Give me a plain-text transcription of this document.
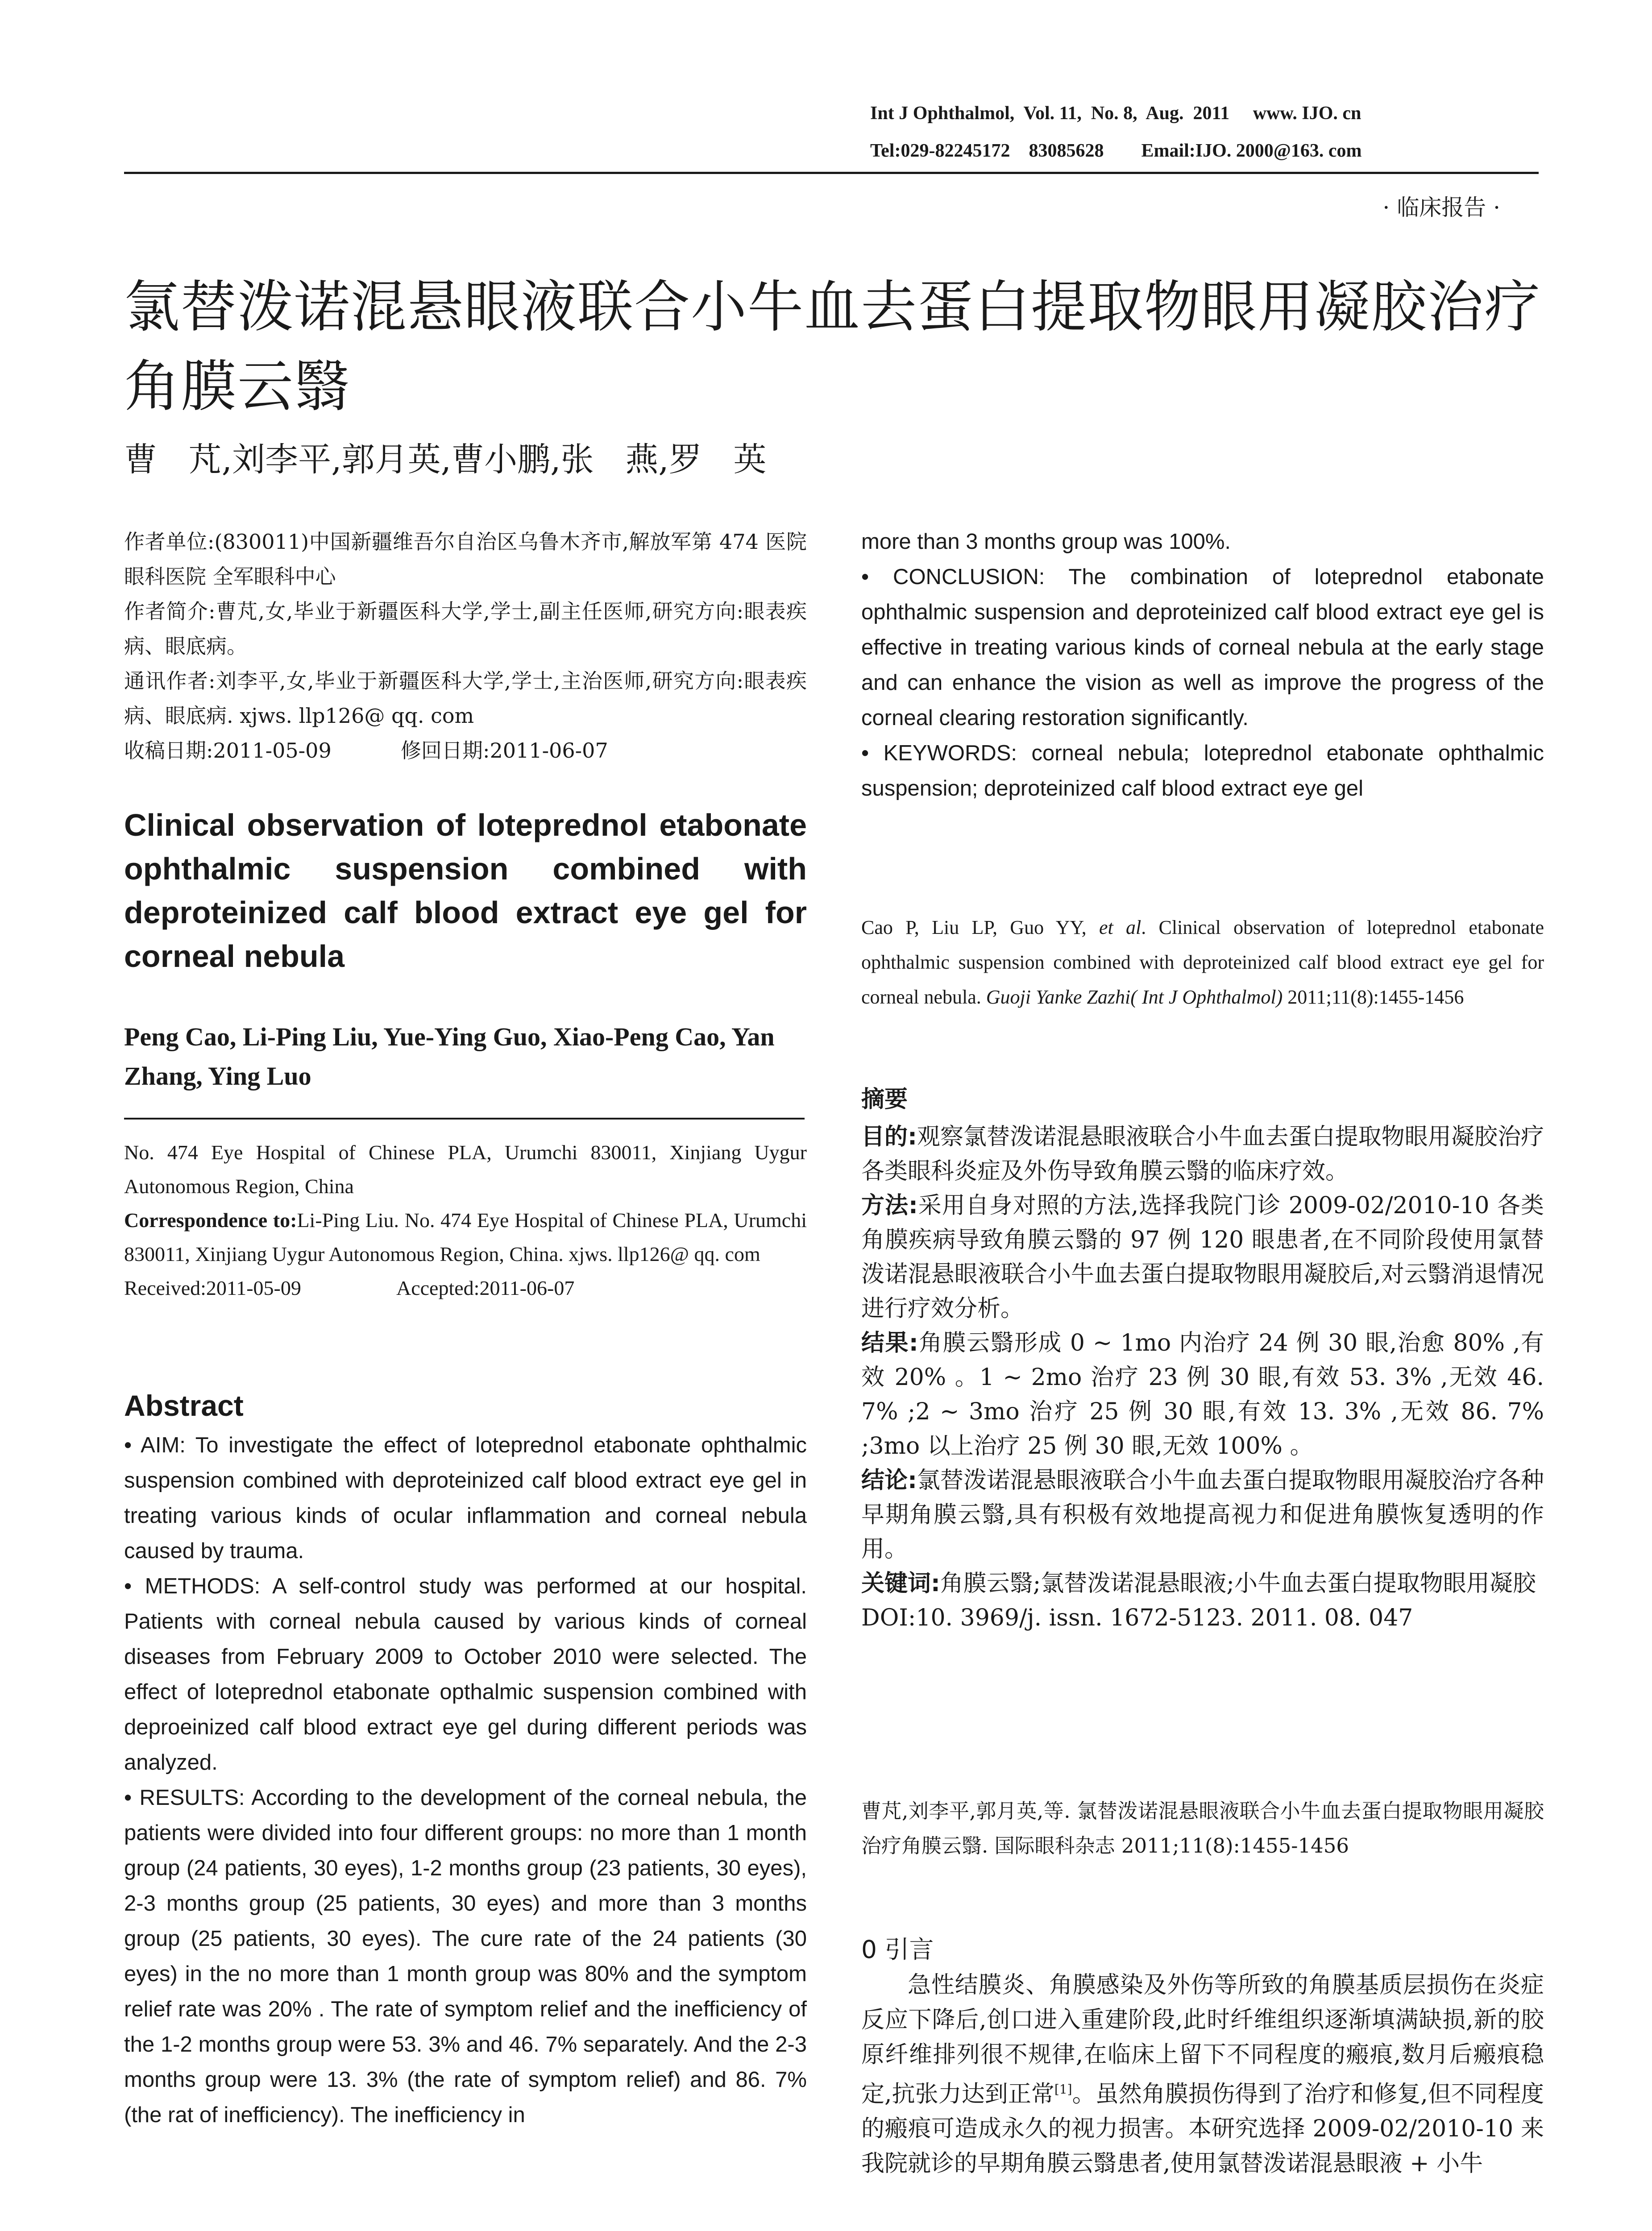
Int J Ophthalmol,  Vol. 11,  No. 8,  Aug.  2011     www. IJO. cn
Tel:029-82245172    83085628        Email:IJO. 2000@163. com
· 临床报告 ·
氯替泼诺混悬眼液联合小牛血去蛋白提取物眼用凝胶治疗角膜云翳
曹   芃,刘李平,郭月英,曹小鹏,张   燕,罗   英

作者单位:(830011)中国新疆维吾尔自治区乌鲁木齐市,解放军第 474 医院眼科医院 全军眼科中心

作者简介:曹芃,女,毕业于新疆医科大学,学士,副主任医师,研究方向:眼表疾病、眼底病。

通讯作者:刘李平,女,毕业于新疆医科大学,学士,主治医师,研究方向:眼表疾病、眼底病. xjws. llp126@ qq. com

收稿日期:2011-05-09	修回日期:2011-06-07

Clinical observation of loteprednol etabonate ophthalmic suspension combined with deproteinized calf blood extract eye gel for corneal nebula
Peng Cao, Li-Ping Liu, Yue-Ying Guo, Xiao-Peng Cao, Yan Zhang, Ying Luo

No. 474 Eye Hospital of Chinese PLA, Urumchi 830011, Xinjiang Uygur Autonomous Region, China

Correspondence to:Li-Ping Liu. No. 474 Eye Hospital of Chinese PLA, Urumchi 830011, Xinjiang Uygur Autonomous Region, China. xjws. llp126@ qq. com

Received:2011-05-09	Accepted:2011-06-07

Abstract

• AIM: To investigate the effect of loteprednol etabonate ophthalmic suspension combined with deproteinized calf blood extract eye gel in treating various kinds of ocular inflammation and corneal nebula caused by trauma.

• METHODS: A self-control study was performed at our hospital. Patients with corneal nebula caused by various kinds of corneal diseases from February 2009 to October 2010 were selected. The effect of loteprednol etabonate opthalmic suspension combined with deproeinized calf blood extract eye gel during different periods was analyzed.

• RESULTS: According to the development of the corneal nebula, the patients were divided into four different groups: no more than 1 month group (24 patients, 30 eyes), 1-2 months group (23 patients, 30 eyes), 2-3 months group (25 patients, 30 eyes) and more than 3 months group (25 patients, 30 eyes). The cure rate of the 24 patients (30 eyes) in the no more than 1 month group was 80% and the symptom relief rate was 20% . The rate of symptom relief and the inefficiency of the 1-2 months group were 53. 3% and 46. 7% separately. And the 2-3 months group were 13. 3% (the rate of symptom relief) and 86. 7% (the rat of inefficiency). The inefficiency in

more than 3 months group was 100%.

• CONCLUSION: The combination of loteprednol etabonate ophthalmic suspension and deproteinized calf blood extract eye gel is effective in treating various kinds of corneal nebula at the early stage and can enhance the vision as well as improve the progress of the corneal clearing restoration significantly.

• KEYWORDS: corneal nebula; loteprednol etabonate ophthalmic suspension; deproteinized calf blood extract eye gel

Cao P, Liu LP, Guo YY, et al. Clinical observation of loteprednol etabonate ophthalmic suspension combined with deproteinized calf blood extract eye gel for corneal nebula. Guoji Yanke Zazhi( Int J Ophthalmol) 2011;11(8):1455-1456
摘要

目的:观察氯替泼诺混悬眼液联合小牛血去蛋白提取物眼用凝胶治疗各类眼科炎症及外伤导致角膜云翳的临床疗效。

方法:采用自身对照的方法,选择我院门诊 2009-02/2010-10 各类角膜疾病导致角膜云翳的 97 例 120 眼患者,在不同阶段使用氯替泼诺混悬眼液联合小牛血去蛋白提取物眼用凝胶后,对云翳消退情况进行疗效分析。

结果:角膜云翳形成 0 ~ 1mo 内治疗 24 例 30 眼,治愈 80% ,有效 20% 。1 ~ 2mo 治疗 23 例 30 眼,有效 53. 3% ,无效 46. 7% ;2 ~ 3mo 治疗 25 例 30 眼,有效 13. 3% ,无效 86. 7% ;3mo 以上治疗 25 例 30 眼,无效 100% 。

结论:氯替泼诺混悬眼液联合小牛血去蛋白提取物眼用凝胶治疗各种早期角膜云翳,具有积极有效地提高视力和促进角膜恢复透明的作用。

关键词:角膜云翳;氯替泼诺混悬眼液;小牛血去蛋白提取物眼用凝胶

DOI:10. 3969/j. issn. 1672-5123. 2011. 08. 047

曹芃,刘李平,郭月英,等. 氯替泼诺混悬眼液联合小牛血去蛋白提取物眼用凝胶治疗角膜云翳. 国际眼科杂志 2011;11(8):1455-1456
0 引言
急性结膜炎、角膜感染及外伤等所致的角膜基质层损伤在炎症反应下降后,创口进入重建阶段,此时纤维组织逐渐填满缺损,新的胶原纤维排列很不规律,在临床上留下不同程度的瘢痕,数月后瘢痕稳定,抗张力达到正常[1]。虽然角膜损伤得到了治疗和修复,但不同程度的瘢痕可造成永久的视力损害。本研究选择 2009-02/2010-10 来我院就诊的早期角膜云翳患者,使用氯替泼诺混悬眼液 + 小牛
